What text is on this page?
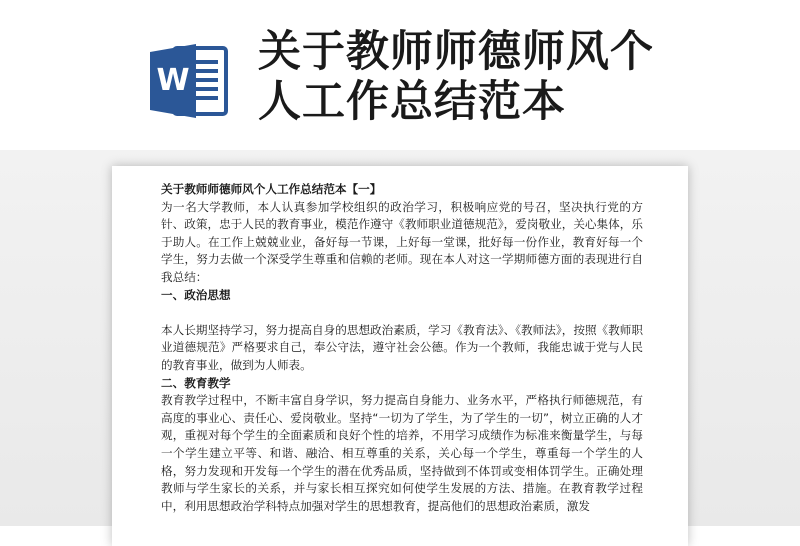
W
关于教师师德师风个
人工作总结范本

关于教师师德师风个人工作总结范本【一】

为一名大学教师，本人认真参加学校组织的政治学习，积极响应党的号召，坚决执行党的方针、政策，忠于人民的教育事业，模范作遵守《教师职业道德规范》，爱岗敬业，关心集体，乐于助人。在工作上兢兢业业，备好每一节课，上好每一堂课，批好每一份作业，教育好每一个学生，努力去做一个深受学生尊重和信赖的老师。现在本人对这一学期师德方面的表现进行自我总结：

一、政治思想

本人长期坚持学习，努力提高自身的思想政治素质，学习《教育法》、《教师法》，按照《教师职业道德规范》严格要求自己，奉公守法，遵守社会公德。作为一个教师，我能忠诚于党与人民的教育事业，做到为人师表。

二、教育教学

教育教学过程中，不断丰富自身学识，努力提高自身能力、业务水平，严格执行师德规范，有高度的事业心、责任心、爱岗敬业。坚持“一切为了学生，为了学生的一切”，树立正确的人才观，重视对每个学生的全面素质和良好个性的培养，不用学习成绩作为标准来衡量学生，与每一个学生建立平等、和谐、融洽、相互尊重的关系，关心每一个学生，尊重每一个学生的人格，努力发现和开发每一个学生的潜在优秀品质，坚持做到不体罚或变相体罚学生。正确处理教师与学生家长的关系，并与家长相互探究如何使学生发展的方法、措施。在教育教学过程中，利用思想政治学科特点加强对学生的思想教育，提高他们的思想政治素质，激发
